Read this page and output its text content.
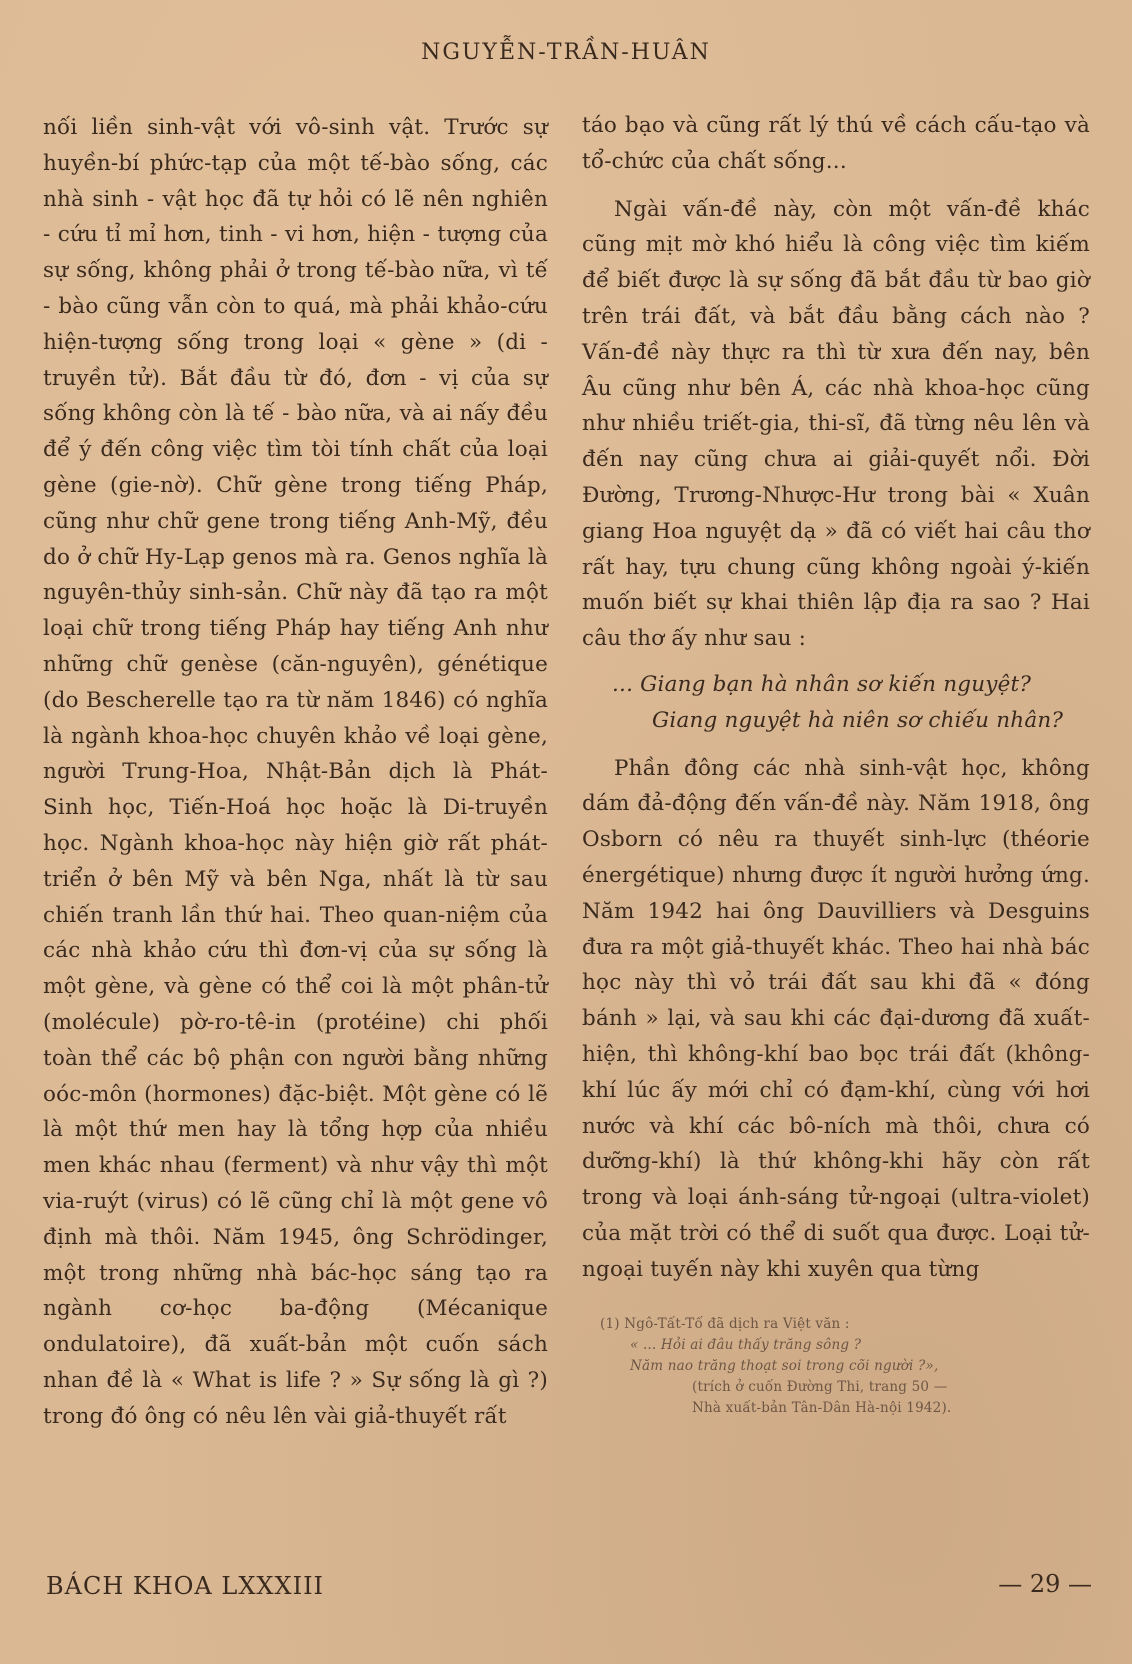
NGUYỄN-TRẦN-HUÂN

nối liền sinh-vật với vô-sinh vật. Trước sự huyền-bí phức-tạp của một tế-bào sống, các nhà sinh - vật học đã tự hỏi có lẽ nên nghiên - cứu tỉ mỉ hơn, tinh - vi hơn, hiện - tượng của sự sống, không phải ở trong tế-bào nữa, vì tế - bào cũng vẫn còn to quá, mà phải khảo-cứu hiện-tượng sống trong loại « gène » (di - truyền tử). Bắt đầu từ đó, đơn - vị của sự sống không còn là tế - bào nữa, và ai nấy đều để ý đến công việc tìm tòi tính chất của loại gène (gie-nờ). Chữ gène trong tiếng Pháp, cũng như chữ gene trong tiếng Anh-Mỹ, đều do ở chữ Hy-Lạp genos mà ra. Genos nghĩa là nguyên-thủy sinh-sản. Chữ này đã tạo ra một loại chữ trong tiếng Pháp hay tiếng Anh như những chữ genèse (căn-nguyên), génétique (do Bescherelle tạo ra từ năm 1846) có nghĩa là ngành khoa-học chuyên khảo về loại gène, người Trung-Hoa, Nhật-Bản dịch là Phát-Sinh học, Tiến-Hoá học hoặc là Di-truyền học. Ngành khoa-học này hiện giờ rất phát-triển ở bên Mỹ và bên Nga, nhất là từ sau chiến tranh lần thứ hai. Theo quan-niệm của các nhà khảo cứu thì đơn-vị của sự sống là một gène, và gène có thể coi là một phân-tử (molécule) pờ-ro-tê-in (protéine) chi phối toàn thể các bộ phận con người bằng những oóc-môn (hormones) đặc-biệt. Một gène có lẽ là một thứ men hay là tổng hợp của nhiều men khác nhau (ferment) và như vậy thì một via-ruýt (virus) có lẽ cũng chỉ là một gene vô định mà thôi. Năm 1945, ông Schrödinger, một trong những nhà bác-học sáng tạo ra ngành cơ-học ba-động (Mécanique ondulatoire), đã xuất-bản một cuốn sách nhan đề là « What is life ? » Sự sống là gì ?) trong đó ông có nêu lên vài giả-thuyết rất

táo bạo và cũng rất lý thú về cách cấu-tạo và tổ-chức của chất sống...

Ngài vấn-đề này, còn một vấn-đề khác cũng mịt mờ khó hiểu là công việc tìm kiếm để biết được là sự sống đã bắt đầu từ bao giờ trên trái đất, và bắt đầu bằng cách nào ? Vấn-đề này thực ra thì từ xưa đến nay, bên Âu cũng như bên Á, các nhà khoa-học cũng như nhiều triết-gia, thi-sĩ, đã từng nêu lên và đến nay cũng chưa ai giải-quyết nổi. Đời Đường, Trương-Nhược-Hư trong bài « Xuân giang Hoa nguyệt dạ » đã có viết hai câu thơ rất hay, tựu chung cũng không ngoài ý-kiến muốn biết sự khai thiên lập địa ra sao ? Hai câu thơ ấy như sau :

... Giang bạn hà nhân sơ kiến nguyệt?
Giang nguyệt hà niên sơ chiếu nhân?

Phần đông các nhà sinh-vật học, không dám đả-động đến vấn-đề này. Năm 1918, ông Osborn có nêu ra thuyết sinh-lực (théorie énergétique) nhưng được ít người hưởng ứng. Năm 1942 hai ông Dauvilliers và Desguins đưa ra một giả-thuyết khác. Theo hai nhà bác học này thì vỏ trái đất sau khi đã « đóng bánh » lại, và sau khi các đại-dương đã xuất-hiện, thì không-khí bao bọc trái đất (không-khí lúc ấy mới chỉ có đạm-khí, cùng với hơi nước và khí các bô-ních mà thôi, chưa có dưỡng-khí) là thứ không-khi hãy còn rất trong và loại ánh-sáng tử-ngoại (ultra-violet) của mặt trời có thể di suốt qua được. Loại tử-ngoại tuyến này khi xuyên qua từng

(1) Ngô-Tất-Tố đã dịch ra Việt văn :
« ... Hỏi ai đâu thấy trăng sông ?
Năm nao trăng thoạt soi trong cõi người ?»,
(trích ở cuốn Đường Thi, trang 50 —
Nhà xuất-bản Tân-Dân Hà-nội 1942).
BÁCH KHOA LXXXIII	— 29 —
